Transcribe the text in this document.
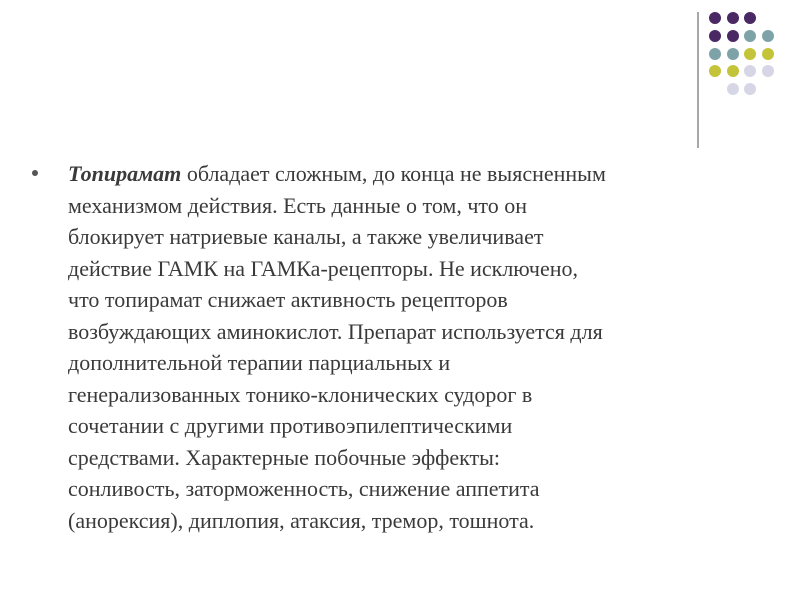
Топирамат обладает сложным, до конца не выясненным
механизмом действия. Есть данные о том, что он
блокирует натриевые каналы, а также увеличивает
действие ГАМК на ГАМКа-рецепторы. Не исключено,
что топирамат снижает активность рецепторов
возбуждающих аминокислот. Препарат используется для
дополнительной терапии парциальных и
генерализованных тонико-клонических судорог в
сочетании с другими противоэпилептическими
средствами. Характерные побочные эффекты:
сонливость, заторможенность, снижение аппетита
(анорексия), диплопия, атаксия, тремор, тошнота.
